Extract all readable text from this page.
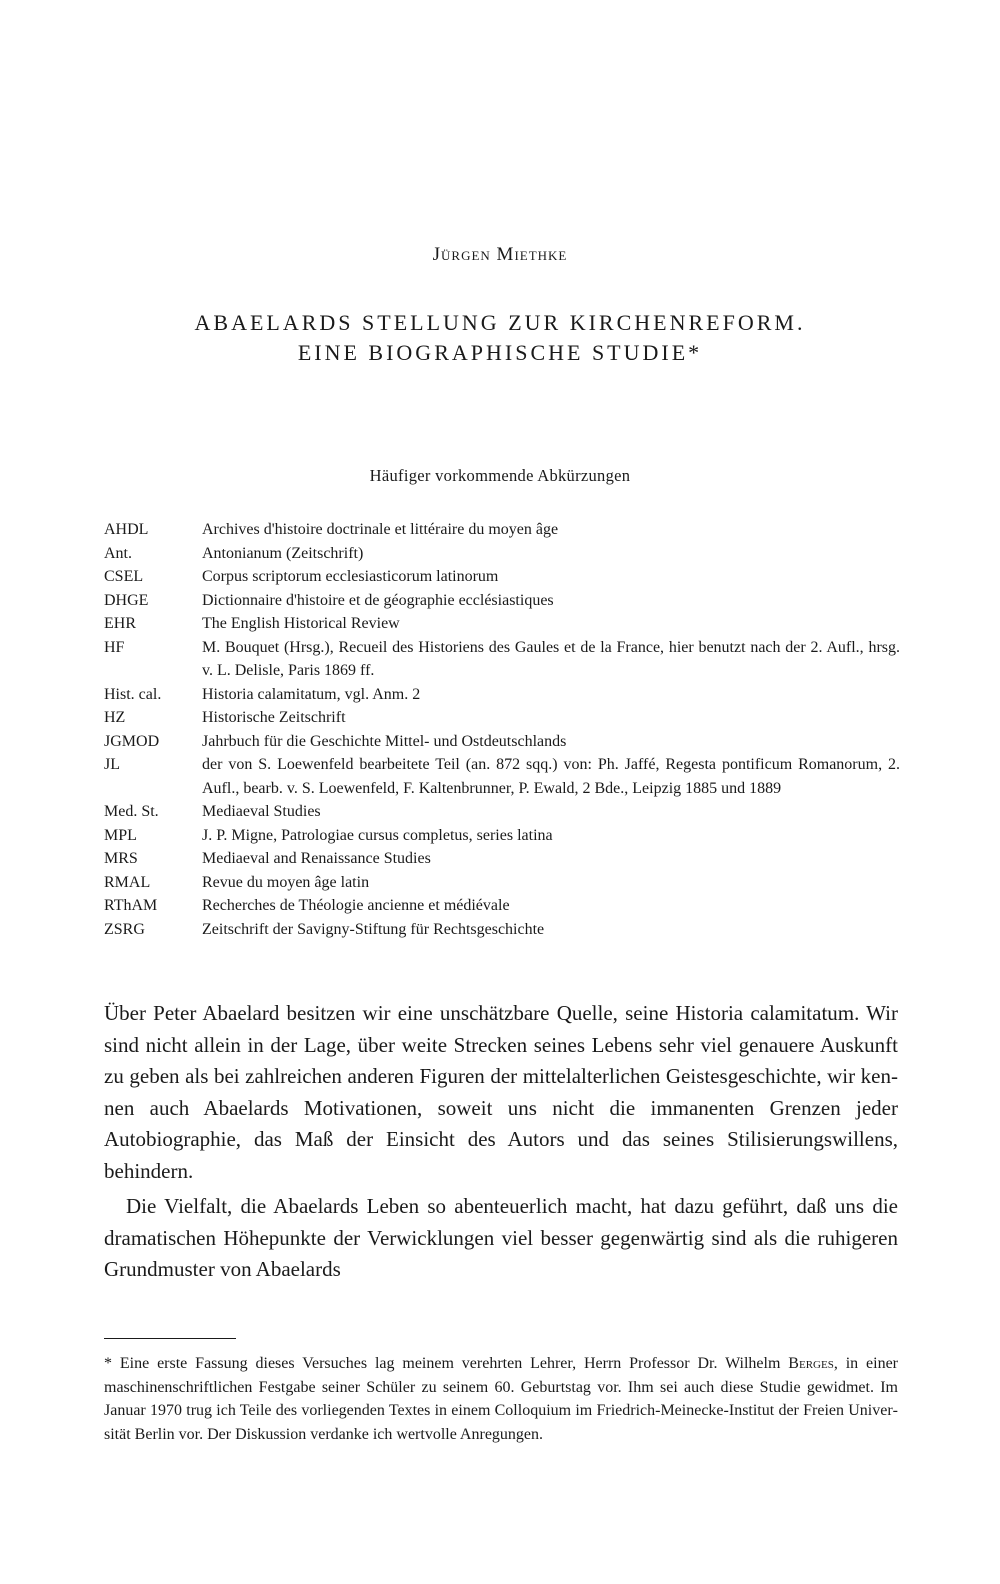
Jürgen Miethke
ABAELARDS STELLUNG ZUR KIRCHENREFORM.
EINE BIOGRAPHISCHE STUDIE*
Häufiger vorkommende Abkürzungen
AHDL	Archives d'histoire doctrinale et littéraire du moyen âge
Ant.	Antonianum (Zeitschrift)
CSEL	Corpus scriptorum ecclesiasticorum latinorum
DHGE	Dictionnaire d'histoire et de géographie ecclésiastiques
EHR	The English Historical Review
HF	M. Bouquet (Hrsg.), Recueil des Historiens des Gaules et de la France, hier benutzt nach der 2. Aufl., hrsg. v. L. Delisle, Paris 1869 ff.
Hist. cal.	Historia calamitatum, vgl. Anm. 2
HZ	Historische Zeitschrift
JGMOD	Jahrbuch für die Geschichte Mittel- und Ostdeutschlands
JL	der von S. Loewenfeld bearbeitete Teil (an. 872 sqq.) von: Ph. Jaffé, Regesta pontificum Romanorum, 2. Aufl., bearb. v. S. Loewenfeld, F. Kaltenbrunner, P. Ewald, 2 Bde., Leipzig 1885 und 1889
Med. St.	Mediaeval Studies
MPL	J. P. Migne, Patrologiae cursus completus, series latina
MRS	Mediaeval and Renaissance Studies
RMAL	Revue du moyen âge latin
RThAM	Recherches de Théologie ancienne et médiévale
ZSRG	Zeitschrift der Savigny-Stiftung für Rechtsgeschichte

Über Peter Abaelard besitzen wir eine unschätzbare Quelle, seine Historia calamitatum. Wir sind nicht allein in der Lage, über weite Strecken seines Lebens sehr viel genauere Auskunft zu geben als bei zahlreichen anderen Figuren der mittelalterlichen Geistesgeschichte, wir kennen auch Abaelards Motivationen, soweit uns nicht die immanenten Grenzen jeder Autobiographie, das Maß der Einsicht des Autors und das seines Stilisierungswillens, behindern.

Die Vielfalt, die Abaelards Leben so abenteuerlich macht, hat dazu geführt, daß uns die dramatischen Höhepunkte der Verwicklungen viel besser gegenwärtig sind als die ruhigeren Grundmuster von Abaelards

* Eine erste Fassung dieses Versuches lag meinem verehrten Lehrer, Herrn Professor Dr. Wilhelm Berges, in einer maschinenschriftlichen Festgabe seiner Schüler zu seinem 60. Geburtstag vor. Ihm sei auch diese Studie gewidmet. Im Januar 1970 trug ich Teile des vorliegenden Textes in einem Colloquium im Friedrich-Meinecke-Institut der Freien Universität Berlin vor. Der Diskussion verdanke ich wertvolle Anregungen.
